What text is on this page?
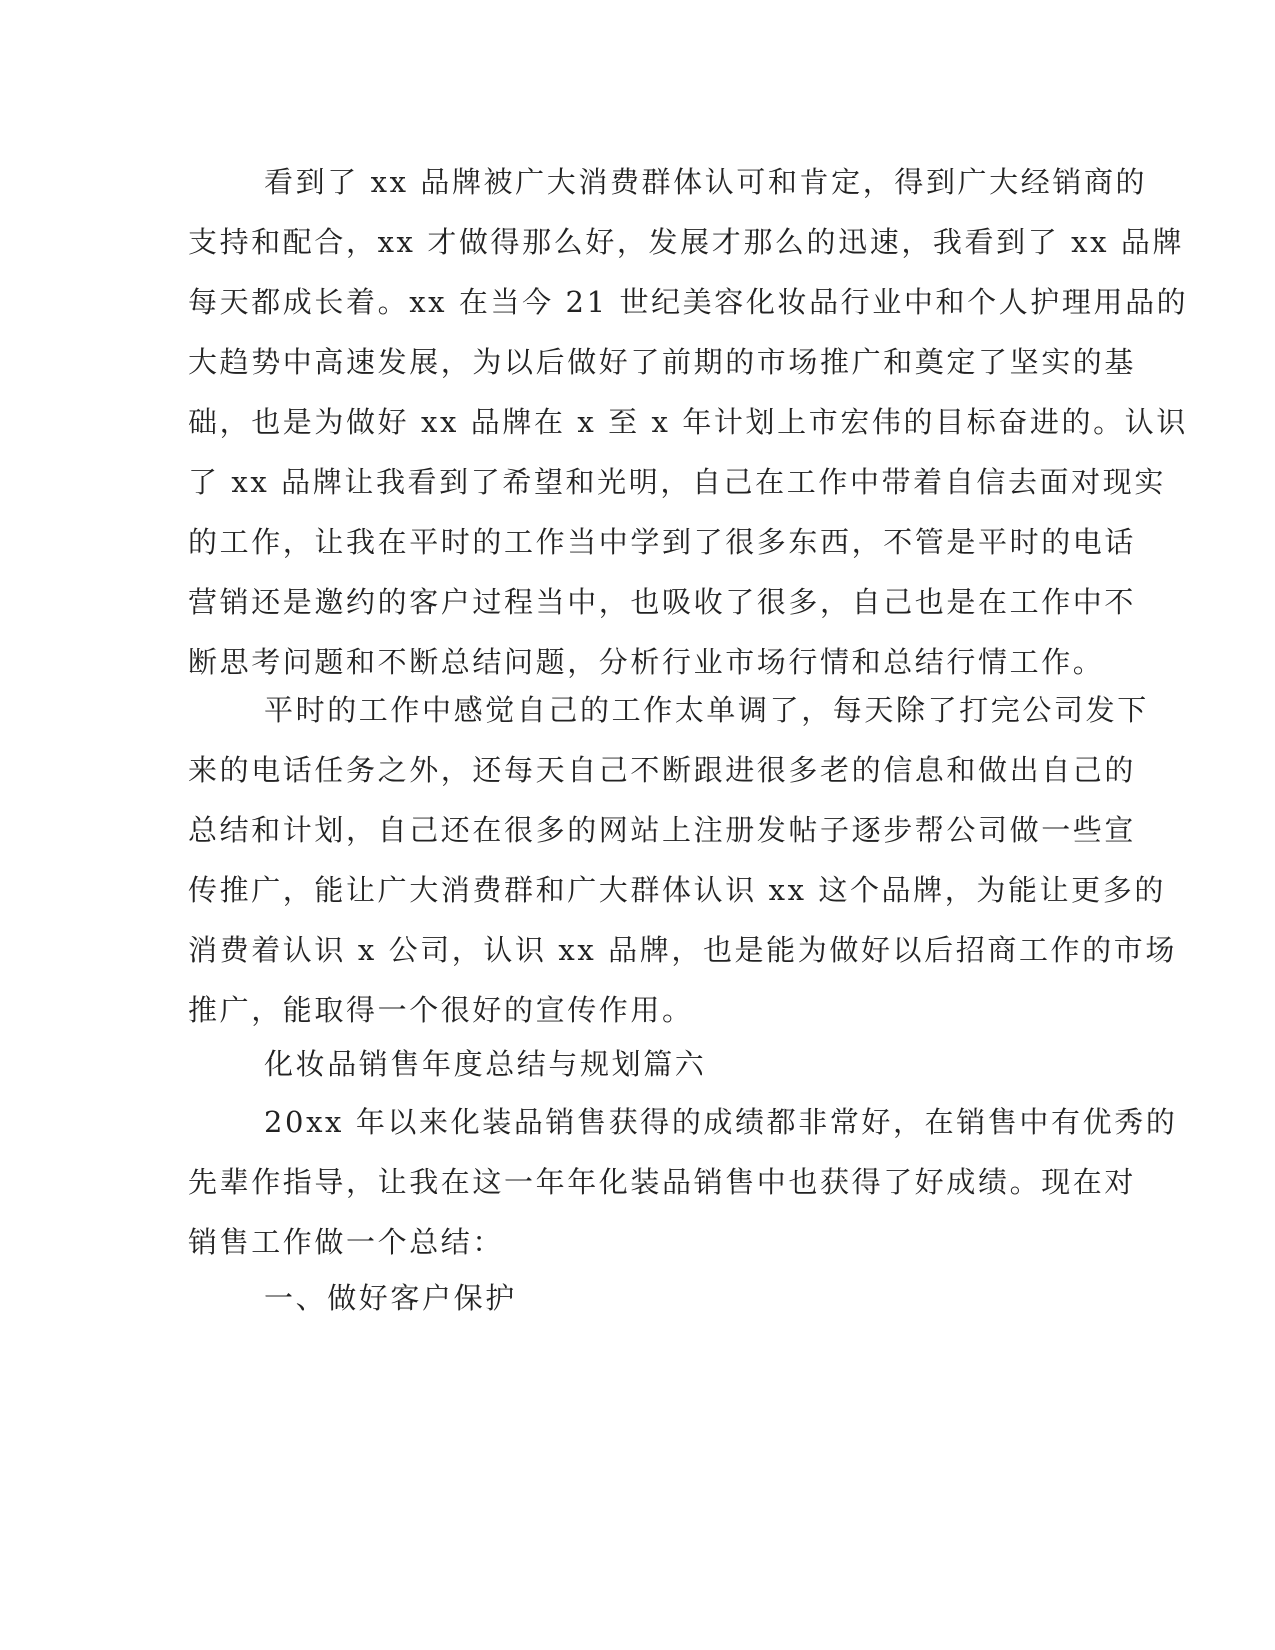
看到了 xx 品牌被广大消费群体认可和肯定，得到广大经销商的
支持和配合，xx 才做得那么好，发展才那么的迅速，我看到了 xx 品牌
每天都成长着。xx 在当今 21 世纪美容化妆品行业中和个人护理用品的
大趋势中高速发展，为以后做好了前期的市场推广和奠定了坚实的基
础，也是为做好 xx 品牌在 x 至 x 年计划上市宏伟的目标奋进的。认识
了 xx 品牌让我看到了希望和光明，自己在工作中带着自信去面对现实
的工作，让我在平时的工作当中学到了很多东西，不管是平时的电话
营销还是邀约的客户过程当中，也吸收了很多，自己也是在工作中不
断思考问题和不断总结问题，分析行业市场行情和总结行情工作。
平时的工作中感觉自己的工作太单调了，每天除了打完公司发下
来的电话任务之外，还每天自己不断跟进很多老的信息和做出自己的
总结和计划，自己还在很多的网站上注册发帖子逐步帮公司做一些宣
传推广，能让广大消费群和广大群体认识 xx 这个品牌，为能让更多的
消费着认识 x 公司，认识 xx 品牌，也是能为做好以后招商工作的市场
推广，能取得一个很好的宣传作用。
化妆品销售年度总结与规划篇六
20xx 年以来化装品销售获得的成绩都非常好，在销售中有优秀的
先辈作指导，让我在这一年年化装品销售中也获得了好成绩。现在对
销售工作做一个总结：
一、做好客户保护
